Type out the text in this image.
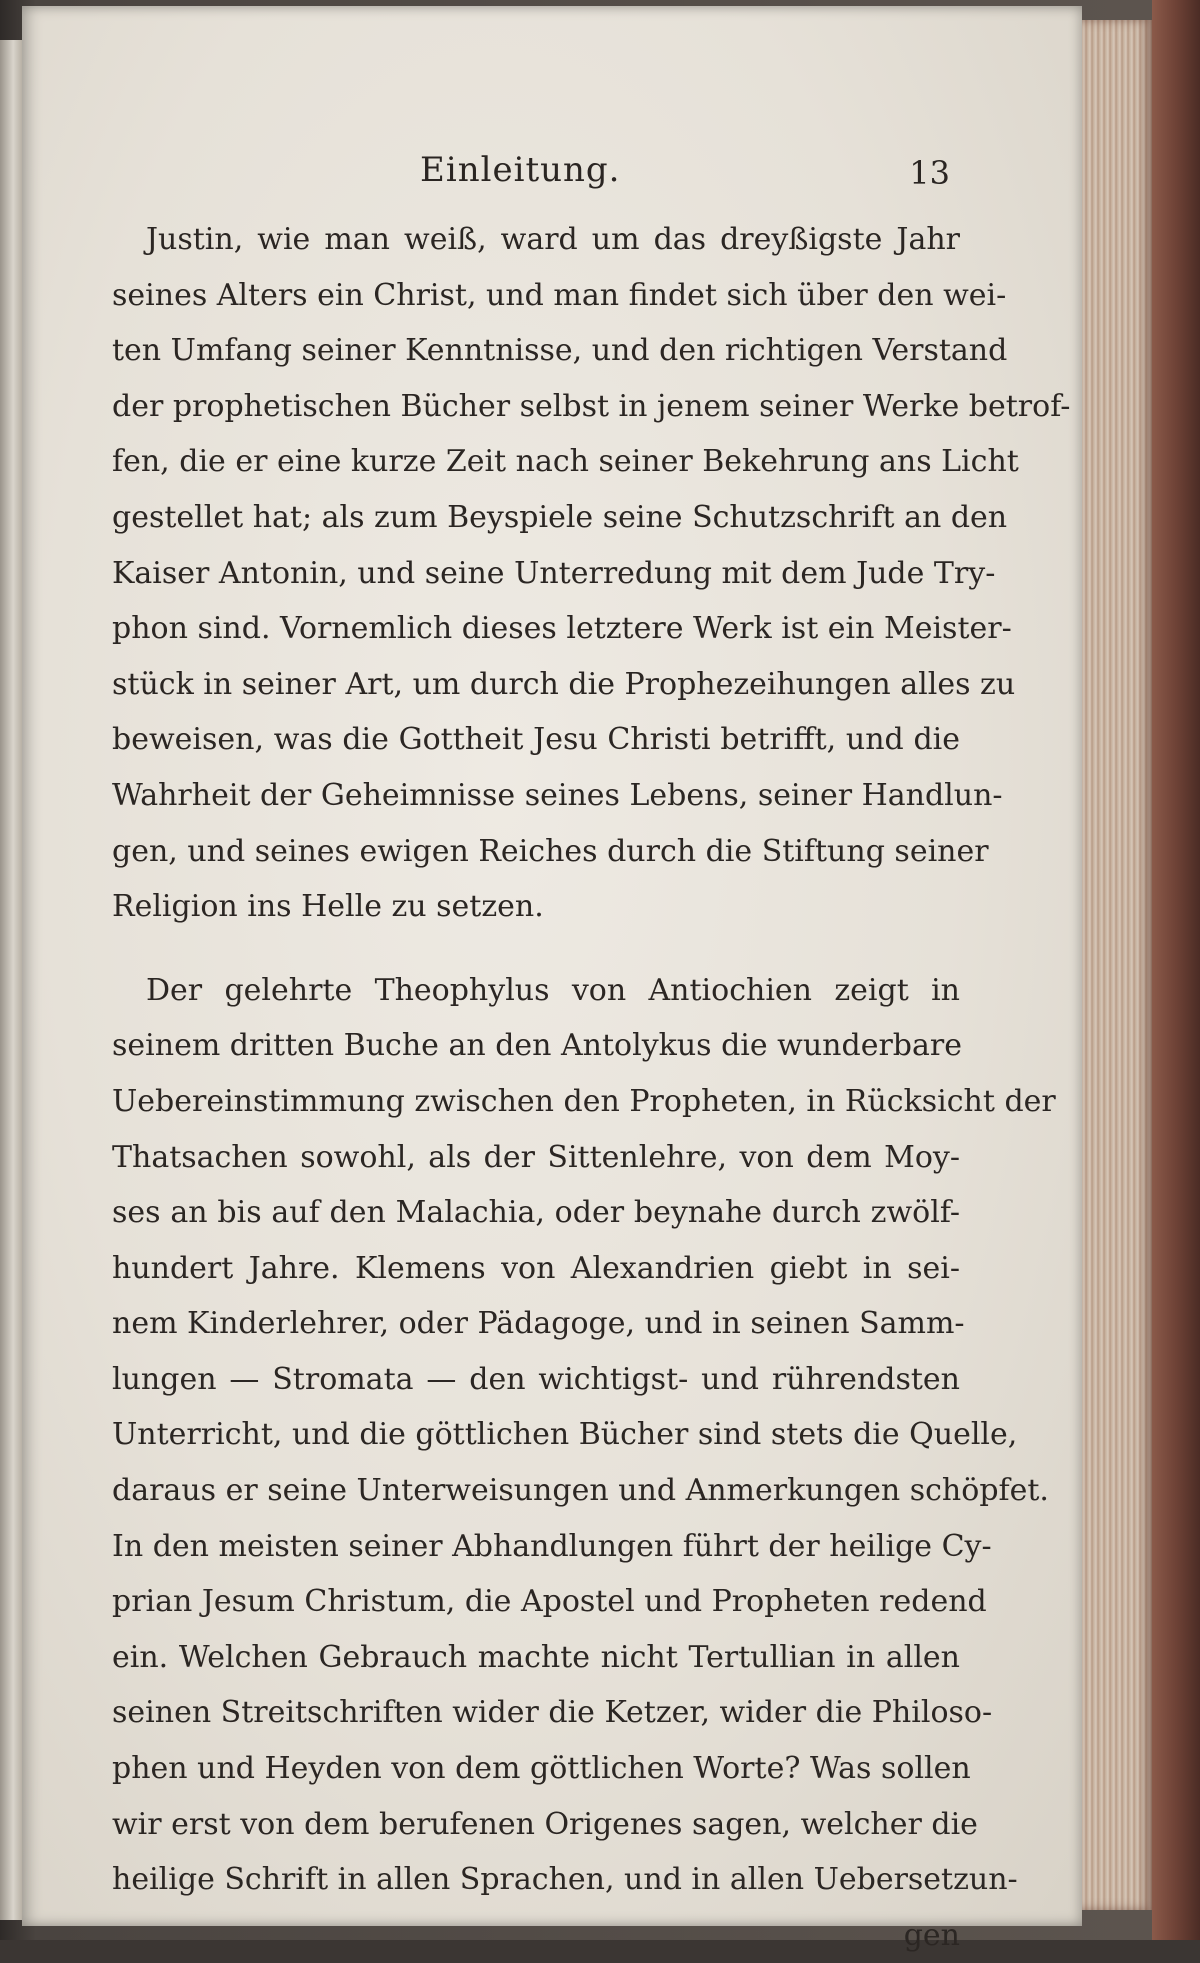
Einleitung.	13
Justin, wie man weiß, ward um das dreyßigste Jahr
seines Alters ein Christ, und man findet sich über den wei-
ten Umfang seiner Kenntnisse, und den richtigen Verstand
der prophetischen Bücher selbst in jenem seiner Werke betrof-
fen, die er eine kurze Zeit nach seiner Bekehrung ans Licht
gestellet hat; als zum Beyspiele seine Schutzschrift an den
Kaiser Antonin, und seine Unterredung mit dem Jude Try-
phon sind. Vornemlich dieses letztere Werk ist ein Meister-
stück in seiner Art, um durch die Prophezeihungen alles zu
beweisen, was die Gottheit Jesu Christi betrifft, und die
Wahrheit der Geheimnisse seines Lebens, seiner Handlun-
gen, und seines ewigen Reiches durch die Stiftung seiner
Religion ins Helle zu setzen.
Der gelehrte Theophylus von Antiochien zeigt in
seinem dritten Buche an den Antolykus die wunderbare
Uebereinstimmung zwischen den Propheten, in Rücksicht der
Thatsachen sowohl, als der Sittenlehre, von dem Moy-
ses an bis auf den Malachia, oder beynahe durch zwölf-
hundert Jahre. Klemens von Alexandrien giebt in sei-
nem Kinderlehrer, oder Pädagoge, und in seinen Samm-
lungen — Stromata — den wichtigst- und rührendsten
Unterricht, und die göttlichen Bücher sind stets die Quelle,
daraus er seine Unterweisungen und Anmerkungen schöpfet.
In den meisten seiner Abhandlungen führt der heilige Cy-
prian Jesum Christum, die Apostel und Propheten redend
ein. Welchen Gebrauch machte nicht Tertullian in allen
seinen Streitschriften wider die Ketzer, wider die Philoso-
phen und Heyden von dem göttlichen Worte? Was sollen
wir erst von dem berufenen Origenes sagen, welcher die
heilige Schrift in allen Sprachen, und in allen Uebersetzun-
gen
